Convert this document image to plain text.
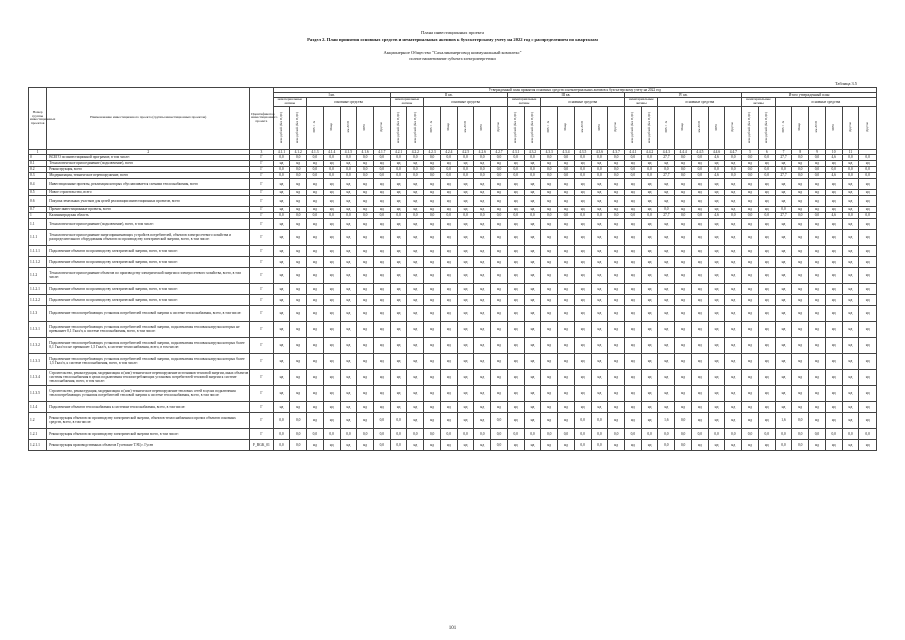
Плана инвестиционных проекта
Раздел 2. План принятия основных средств и нематериальных активов к бухгалтерскому учету на 2022 год с распределением по кварталам
Акционерное Общество "Сахалинэнерговод коммунальный комплекс"
полное наименование субъекта электроэнергетики
Таблица 3.5
Номер группы инвестиционных проектов	Наименование инвестиционного проекта (группы инвестиционных проектов)	Идентификатор инвестиционного проекта	Утвержденный план принятия основных средств и нематериальных активов к бухгалтерскому учету на 2022 год																																			
			I кв.							II кв.							III кв.							IV кв.							Итого утвержденный план							
			нематериальные активы		основные средства					нематериальные активы		основные средства					нематериальные активы		основные средства					нематериальные активы		основные средства					нематериальные активы		основные средства					
			млн рублей (без НДС)	млн рублей (без НДС)	МВ×А	Мвар	км ЛЭП	МВт	Другое	млн рублей (без НДС)	млн рублей (без НДС)	МВ×А	Мвар	км ЛЭП	МВт	Другое	млн рублей (без НДС)	млн рублей (без НДС)	МВ×А	Мвар	км ЛЭП	МВт	Другое	млн рублей (без НДС)	млн рублей (без НДС)	МВ×А	Мвар	км ЛЭП	МВт	Другое	млн рублей (без НДС)	млн рублей (без НДС)	МВ×А	Мвар	км ЛЭП	МВт	Другое	Другое
1	2	3	4.1.1	4.1.2	4.1.3	4.1.4	4.1.5	4.1.6	4.1.7	4.2.1	4.2.2	4.2.3	4.2.4	4.2.5	4.2.6	4.2.7	4.3.1	4.3.2	4.3.3	4.3.4	4.3.5	4.3.6	4.3.7	4.4.1	4.4.2	4.4.3	4.4.4	4.4.5	4.4.6	4.4.7	5	6	7	8	9	10	11	
0	ВСЕГО по инвестиционной программе, в том числе:	Г	0,0	0,0	0,0	0,0	0,0	0,0	0,0	0,0	0,0	0,0	0,0	0,0	0,0	0,0	0,0	0,0	0,0	0,0	0,0	0,0	0,0	0,0	0,0	27,7	0,0	0,0	4,6	0,0	0,0	0,0	27,7	0,0	0,0	4,6	0,0	0,0
0.1	Технологическое присоединение (подключение), всего	Г	нд	нд	нд	нд	нд	нд	нд	нд	нд	нд	нд	нд	нд	нд	нд	нд	нд	нд	нд	нд	нд	нд	нд	нд	нд	нд	нд	нд	нд	нд	нд	нд	нд	нд	нд	нд
0.2	Реконструкция, всего	Г	0,0	0,0	0,0	0,0	0,0	0,0	0,0	0,0	0,0	0,0	0,0	0,0	0,0	0,0	0,0	0,0	0,0	0,0	0,0	0,0	0,0	0,0	0,0	0,0	0,0	0,0	0,0	0,0	0,0	0,0	0,0	0,0	0,0	0,0	0,0	0,0
0.3	Модернизация, техническое перевооружение, всего	Г	0,0	0,0	0,0	0,0	0,0	0,0	0,0	0,0	0,0	0,0	0,0	0,0	0,0	0,0	0,0	0,0	0,0	0,0	0,0	0,0	0,0	0,0	0,0	27,7	0,0	0,0	4,6	0,0	0,0	0,0	27,7	0,0	0,0	4,6	0,0	0,0
0.4	Инвестиционные проекты, реализация которых обуславливается схемами теплоснабжения, всего	Г	нд	нд	нд	нд	нд	нд	нд	нд	нд	нд	нд	нд	нд	нд	нд	нд	нд	нд	нд	нд	нд	нд	нд	нд	нд	нд	нд	нд	нд	нд	нд	нд	нд	нд	нд	нд
0.5	Новое строительство, всего	Г	нд	нд	нд	нд	нд	нд	нд	нд	нд	нд	нд	нд	нд	нд	нд	нд	нд	нд	нд	нд	нд	нд	нд	нд	нд	нд	нд	нд	нд	нд	нд	нд	нд	нд	нд	нд
0.6	Покупка земельных участков для целей реализации инвестиционных проектов, всего	Г	нд	нд	нд	нд	нд	нд	нд	нд	нд	нд	нд	нд	нд	нд	нд	нд	нд	нд	нд	нд	нд	нд	нд	нд	нд	нд	нд	нд	нд	нд	нд	нд	нд	нд	нд	нд
0.7	Прочие инвестиционные проекты, всего	Г	нд	нд	нд	нд	нд	нд	нд	нд	нд	нд	нд	нд	нд	нд	нд	нд	нд	нд	нд	нд	нд	нд	нд	0,0	нд	нд	нд	нд	нд	нд	0,0	нд	нд	нд	нд	нд
1	Калининградская область	Г	0,0	0,0	0,0	0,0	0,0	0,0	0,0	0,0	0,0	0,0	0,0	0,0	0,0	0,0	0,0	0,0	0,0	0,0	0,0	0,0	0,0	0,0	0,0	27,7	0,0	0,0	4,6	0,0	0,0	0,0	27,7	0,0	0,0	4,6	0,0	0,0
1.1	Технологическое присоединение (подключение), всего, в том числе:	Г	нд	нд	нд	нд	нд	нд	нд	нд	нд	нд	нд	нд	нд	нд	нд	нд	нд	нд	нд	нд	нд	нд	нд	нд	нд	нд	нд	нд	нд	нд	нд	нд	нд	нд	нд	нд
1.1.1	Технологическое присоединение энергопринимающих устройств потребителей, объектов электросетевого хозяйства и распределительного оборудования объектов по производству электрической энергии, всего, в том числе:	Г	нд	нд	нд	нд	нд	нд	нд	нд	нд	нд	нд	нд	нд	нд	нд	нд	нд	нд	нд	нд	нд	нд	нд	нд	нд	нд	нд	нд	нд	нд	нд	нд	нд	нд	нд	нд
1.1.1.1	Подключение объектов по производству электрической энергии, всего, в том числе:	Г	нд	нд	нд	нд	нд	нд	нд	нд	нд	нд	нд	нд	нд	нд	нд	нд	нд	нд	нд	нд	нд	нд	нд	нд	нд	нд	нд	нд	нд	нд	нд	нд	нд	нд	нд	нд
1.1.1.2	Подключение объектов по производству электрической энергии, всего, в том числе:	Г	нд	нд	нд	нд	нд	нд	нд	нд	нд	нд	нд	нд	нд	нд	нд	нд	нд	нд	нд	нд	нд	нд	нд	нд	нд	нд	нд	нд	нд	нд	нд	нд	нд	нд	нд	нд
1.1.2	Технологическое присоединение объектов по производству электрической энергии и электросетевого хозяйства, всего, в том числе:	Г	нд	нд	нд	нд	нд	нд	нд	нд	нд	нд	нд	нд	нд	нд	нд	нд	нд	нд	нд	нд	нд	нд	нд	нд	нд	нд	нд	нд	нд	нд	нд	нд	нд	нд	нд	нд
1.1.2.1	Подключение объектов по производству электрической энергии, всего, в том числе:	Г	нд	нд	нд	нд	нд	нд	нд	нд	нд	нд	нд	нд	нд	нд	нд	нд	нд	нд	нд	нд	нд	нд	нд	нд	нд	нд	нд	нд	нд	нд	нд	нд	нд	нд	нд	нд
1.1.2.2	Подключение объектов по производству электрической энергии, всего, в том числе:	Г	нд	нд	нд	нд	нд	нд	нд	нд	нд	нд	нд	нд	нд	нд	нд	нд	нд	нд	нд	нд	нд	нд	нд	нд	нд	нд	нд	нд	нд	нд	нд	нд	нд	нд	нд	нд
1.1.3	Подключение теплопотребляющих установок потребителей тепловой энергии к системе теплоснабжения, всего, в том числе:	Г	нд	нд	нд	нд	нд	нд	нд	нд	нд	нд	нд	нд	нд	нд	нд	нд	нд	нд	нд	нд	нд	нд	нд	нд	нд	нд	нд	нд	нд	нд	нд	нд	нд	нд	нд	нд
1.1.3.1	Подключение теплопотребляющих установок потребителей тепловой энергии, подключаемая тепловая нагрузка которых не превышает 0,1 Гкал/ч, к системе теплоснабжения, всего, в том числе:	Г	нд	нд	нд	нд	нд	нд	нд	нд	нд	нд	нд	нд	нд	нд	нд	нд	нд	нд	нд	нд	нд	нд	нд	нд	нд	нд	нд	нд	нд	нд	нд	нд	нд	нд	нд	нд
1.1.3.2	Подключение теплопотребляющих установок потребителей тепловой энергии, подключаемая тепловая нагрузка которых более 0,1 Гкал/ч и не превышает 1,5 Гкал/ч, к системе теплоснабжения, всего, в том числе:	Г	нд	нд	нд	нд	нд	нд	нд	нд	нд	нд	нд	нд	нд	нд	нд	нд	нд	нд	нд	нд	нд	нд	нд	нд	нд	нд	нд	нд	нд	нд	нд	нд	нд	нд	нд	нд
1.1.3.3	Подключение теплопотребляющих установок потребителей тепловой энергии, подключаемая тепловая нагрузка которых более 1,5 Гкал/ч, к системе теплоснабжения, всего, в том числе:	Г	нд	нд	нд	нд	нд	нд	нд	нд	нд	нд	нд	нд	нд	нд	нд	нд	нд	нд	нд	нд	нд	нд	нд	нд	нд	нд	нд	нд	нд	нд	нд	нд	нд	нд	нд	нд
1.1.3.4	Строительство, реконструкция, модернизация и (или) техническое перевооружение источников тепловой энергии, иных объектов системы теплоснабжения в целях подключения теплопотребляющих установок потребителей тепловой энергии к системе теплоснабжения, всего, в том числе:	Г	нд	нд	нд	нд	нд	нд	нд	нд	нд	нд	нд	нд	нд	нд	нд	нд	нд	нд	нд	нд	нд	нд	нд	нд	нд	нд	нд	нд	нд	нд	нд	нд	нд	нд	нд	нд
1.1.3.5	Строительство, реконструкция, модернизация и (или) техническое перевооружение тепловых сетей в целях подключения теплопотребляющих установок потребителей тепловой энергии к системе теплоснабжения, всего, в том числе:	Г	нд	нд	нд	нд	нд	нд	нд	нд	нд	нд	нд	нд	нд	нд	нд	нд	нд	нд	нд	нд	нд	нд	нд	нд	нд	нд	нд	нд	нд	нд	нд	нд	нд	нд	нд	нд
1.1.4	Подключение объектов теплоснабжения к системам теплоснабжения, всего, в том числе:	Г	нд	нд	нд	нд	нд	нд	нд	нд	нд	нд	нд	нд	нд	нд	нд	нд	нд	нд	нд	нд	нд	нд	нд	нд	нд	нд	нд	нд	нд	нд	нд	нд	нд	нд	нд	нд
1.2	Реконструкция объектов по производству электрической энергии, объектов теплоснабжения и прочих объектов основных средств, всего, в том числе:	Г	0,0	0,0	нд	нд	нд	нд	0,0	0,0	нд	нд	нд	нд	нд	0,0	нд	нд	нд	нд	0,0	0,0	нд	нд	нд	1,6	0,0	нд	нд	нд	нд	нд	1,6	0,0	нд	нд	нд	нд
1.2.1	Реконструкция объектов по производству электрической энергии всего, в том числе:	Г	0,0	0,0	0,0	0,0	0,0	0,0	0,0	0,0	0,0	0,0	0,0	0,0	0,0	0,0	0,0	0,0	0,0	0,0	0,0	0,0	0,0	0,0	0,0	0,0	0,0	0,0	0,0	0,0	0,0	0,0	0,0	0,0	0,0	0,0	0,0	0,0
1.2.1.1	Реконструкция производственных объектов Гусевские ТЭЦ г. Гусев	F_RGK_01	0,0	0,0	нд	нд	нд	нд	0,0	0,0	нд	нд	нд	нд	нд	0,0	нд	нд	нд	нд	0,0	0,0	нд	нд	нд	0,0	0,0	нд	нд	нд	нд	нд	0,0	0,0	нд	нд	нд	нд
101
